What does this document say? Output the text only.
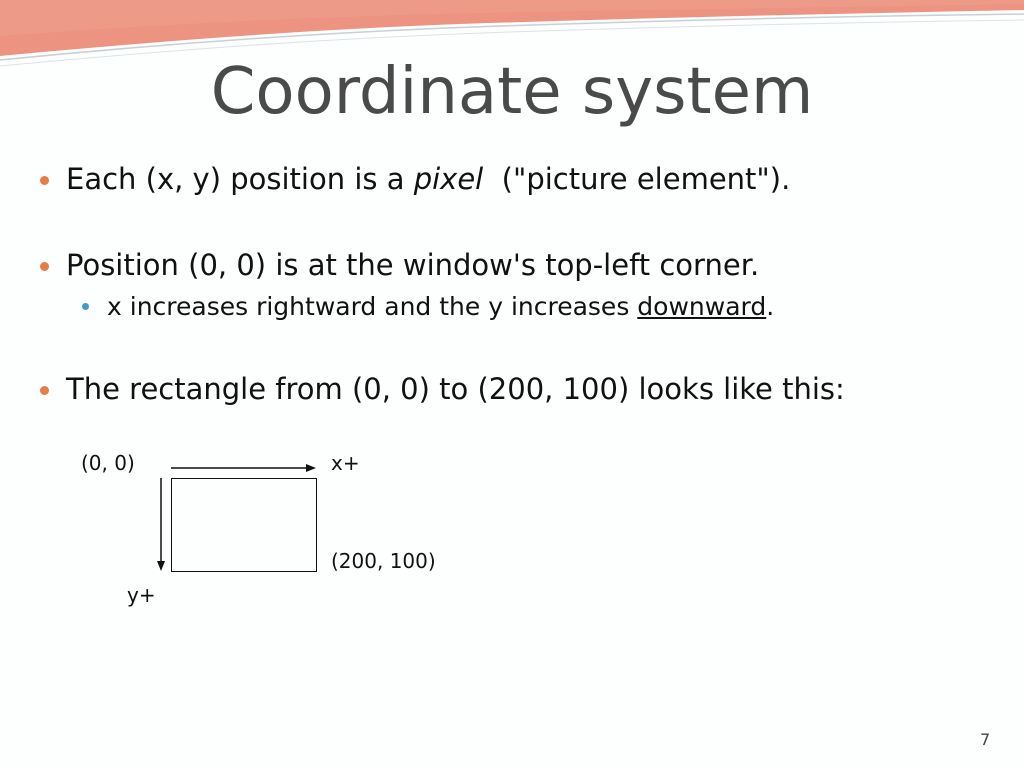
Coordinate system
Each (x, y) position is a pixel  ("picture element").
Position (0, 0) is at the window's top-left corner.
x increases rightward and the y increases downward.
The rectangle from (0, 0) to (200, 100) looks like this:
(0, 0)	x+
(200, 100)
y+
7
